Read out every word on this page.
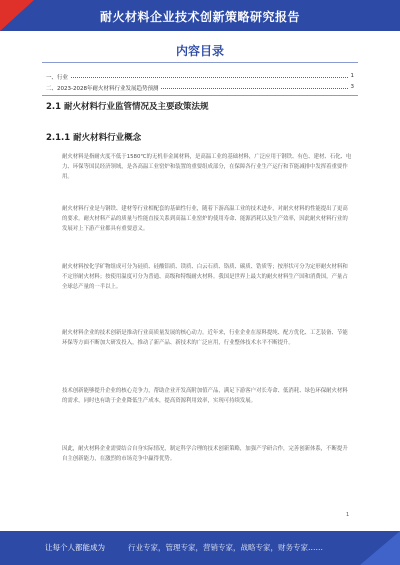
耐火材料企业技术创新策略研究报告
内容目录
一、行业	1
二、2023-2028年耐火材料行业发展趋势预测	3
2.1 耐火材料行业监管情况及主要政策法规
2.1.1 耐火材料行业概念
耐火材料是指耐火度不低于1580℃的无机非金属材料，是高温工业的基础材料，广泛应用于钢铁、有色、建材、石化、电力、环保等国民经济领域，是各高温工业窑炉和装置的重要组成部分，在保障各行业生产运行和节能减排中发挥着重要作用。
耐火材料行业是与钢铁、建材等行业相配套的基础性行业，随着下游高温工业的技术进步，对耐火材料的性能提出了更高的要求。耐火材料产品的质量与性能直接关系到高温工业窑炉的使用寿命、能源消耗以及生产效率，因此耐火材料行业的发展对上下游产业都具有重要意义。
耐火材料按化学矿物组成可分为硅质、硅酸铝质、镁质、白云石质、铬质、碳质、锆质等；按形状可分为定形耐火材料和不定形耐火材料；按使用温度可分为普通、高级和特级耐火材料。我国是世界上最大的耐火材料生产国和消费国，产量占全球总产量的一半以上。
耐火材料企业的技术创新是推动行业高质量发展的核心动力。近年来，行业企业在原料提纯、配方优化、工艺装备、节能环保等方面不断加大研发投入，推动了新产品、新技术的广泛应用，行业整体技术水平不断提升。
技术创新能够提升企业的核心竞争力，帮助企业开发高附加值产品，满足下游客户对长寿命、低消耗、绿色环保耐火材料的需求，同时也有助于企业降低生产成本，提高资源利用效率，实现可持续发展。
因此，耐火材料企业需要结合自身实际情况，制定科学合理的技术创新策略，加强产学研合作，完善创新体系，不断提升自主创新能力，在激烈的市场竞争中赢得优势。
1
让每个人都能成为	行业专家，管理专家，营销专家，战略专家，财务专家……
